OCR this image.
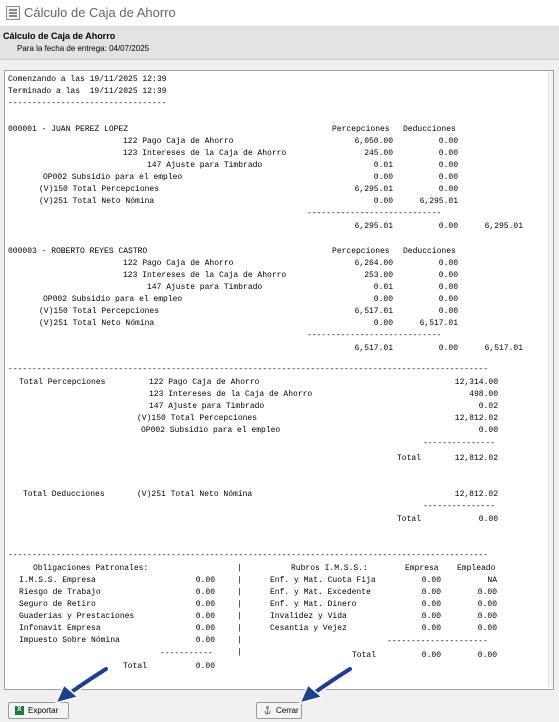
Cálculo de Caja de Ahorro
Cálculo de Caja de Ahorro
Para la fecha de entrega: 04/07/2025
Comenzando a las 19/11/2025 12:39
Terminado a las  19/11/2025 12:39
---------------------------------
000001 - JUAN PEREZ LOPEZ	Percepciones Deducciones
122 Pago Caja de Ahorro	6,050.00	0.00
123 Intereses de la Caja de Ahorro	245.00	0.00
147 Ajuste para Timbrado	0.01	0.00
OP002 Subsidio para el empleo	0.00	0.00
(V)150 Total Percepciones	6,295.01	0.00
(V)251 Total Neto Nómina	0.00	6,295.01
----------------------------
6,295.01	0.00	6,295.01
000003 - ROBERTO REYES CASTRO	Percepciones Deducciones
122 Pago Caja de Ahorro	6,264.00	0.00
123 Intereses de la Caja de Ahorro	253.00	0.00
147 Ajuste para Timbrado	0.01	0.00
OP002 Subsidio para el empleo	0.00	0.00
(V)150 Total Percepciones	6,517.01	0.00
(V)251 Total Neto Nómina	0.00	6,517.01
----------------------------
6,517.01	0.00	6,517.01
----------------------------------------------------------------------------------------------------
Total Percepciones	122 Pago Caja de Ahorro	12,314.00
123 Intereses de la Caja de Ahorro	498.00
147 Ajuste para Timbrado	0.02
(V)150 Total Percepciones	12,812.02
OP002 Subsidio para el empleo	0.00
---------------
Total	12,812.02
Total Deducciones	(V)251 Total Neto Nómina	12,812.02
---------------
Total	0.00
----------------------------------------------------------------------------------------------------
Obligaciones Patronales:
I.M.S.S. Empresa	0.00
Riesgo de Trabajo	0.00
Seguro de Retiro	0.00
Guaderías y Prestaciones	0.00
Infonavit Empresa	0.00
Impuesto Sobre Nómina	0.00
-----------
Total	0.00
|
|
|
|
|
|
|
|
Rubros I.M.S.S.:	Empresa Empleado
Enf. y Mat. Cuota Fija	0.00	NA
Enf. y Mat. Excedente	0.00	0.00
Enf. y Mat. Dinero	0.00	0.00
Invalidez y Vida	0.00	0.00
Cesantía y Vejez	0.00	0.00
---------------------
Total	0.00	0.00
X
Exportar	Cerrar
